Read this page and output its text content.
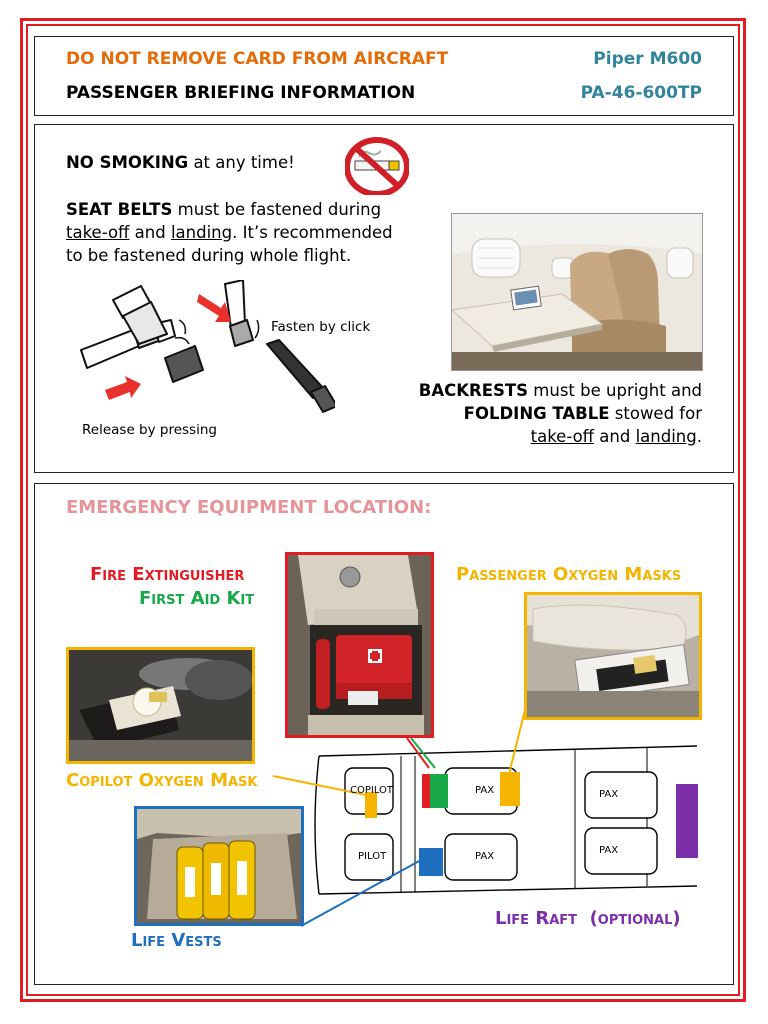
DO NOT REMOVE CARD FROM AIRCRAFT
PASSENGER BRIEFING INFORMATION
Piper M600
PA-46-600TP
NO SMOKING at any time!
SEAT BELTS must be fastened during
take-off and landing. It’s recommended
to be fastened during whole flight.
Fasten by click
Release by pressing
BACKRESTS must be upright and
FOLDING TABLE stowed for
take-off and landing.
EMERGENCY EQUIPMENT LOCATION:
COPILOT
PILOT
PAX
PAX
PAX
PAX
Fire Extinguisher
First Aid Kit
Passenger Oxygen Masks
Copilot Oxygen Mask
Life Vests
Life Raft (optional)
